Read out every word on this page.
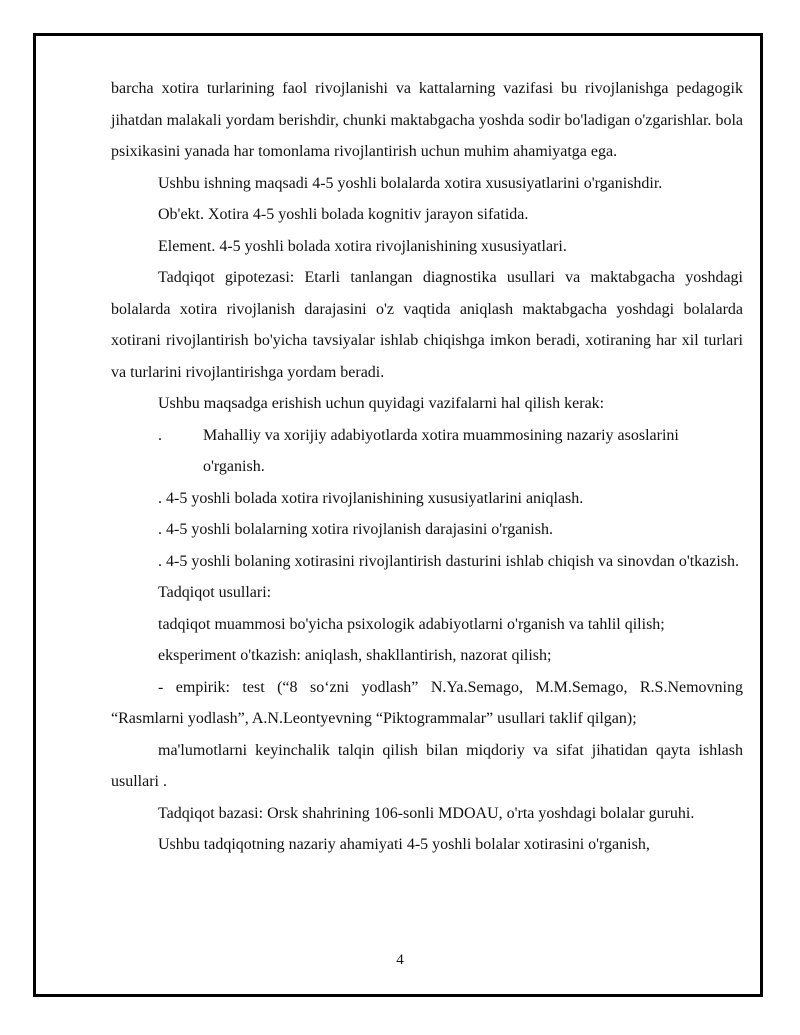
barcha xotira turlarining faol rivojlanishi va kattalarning vazifasi bu rivojlanishga pedagogik jihatdan malakali yordam berishdir, chunki maktabgacha yoshda sodir bo'ladigan o'zgarishlar. bola psixikasini yanada har tomonlama rivojlantirish uchun muhim ahamiyatga ega.

Ushbu ishning maqsadi 4-5 yoshli bolalarda xotira xususiyatlarini o'rganishdir.

Ob'ekt. Xotira 4-5 yoshli bolada kognitiv jarayon sifatida.

Element. 4-5 yoshli bolada xotira rivojlanishining xususiyatlari.

Tadqiqot gipotezasi: Etarli tanlangan diagnostika usullari va maktabgacha yoshdagi bolalarda xotira rivojlanish darajasini o'z vaqtida aniqlash maktabgacha yoshdagi bolalarda xotirani rivojlantirish bo'yicha tavsiyalar ishlab chiqishga imkon beradi, xotiraning har xil turlari va turlarini rivojlantirishga yordam beradi.

Ushbu maqsadga erishish uchun quyidagi vazifalarni hal qilish kerak:

.	Mahalliy va xorijiy adabiyotlarda xotira muammosining nazariy asoslarini o'rganish.

. 4-5 yoshli bolada xotira rivojlanishining xususiyatlarini aniqlash.

. 4-5 yoshli bolalarning xotira rivojlanish darajasini o'rganish.

. 4-5 yoshli bolaning xotirasini rivojlantirish dasturini ishlab chiqish va sinovdan o'tkazish.

Tadqiqot usullari:

tadqiqot muammosi bo'yicha psixologik adabiyotlarni o'rganish va tahlil qilish;

eksperiment o'tkazish: aniqlash, shakllantirish, nazorat qilish;

- empirik: test (“8 so‘zni yodlash” N.Ya.Semago, M.M.Semago, R.S.Nemovning “Rasmlarni yodlash”, A.N.Leontyevning “Piktogrammalar” usullari taklif qilgan);

ma'lumotlarni keyinchalik talqin qilish bilan miqdoriy va sifat jihatidan qayta ishlash usullari .

Tadqiqot bazasi: Orsk shahrining 106-sonli MDOAU, o'rta yoshdagi bolalar guruhi.

Ushbu tadqiqotning nazariy ahamiyati 4-5 yoshli bolalar xotirasini o'rganish,

4
